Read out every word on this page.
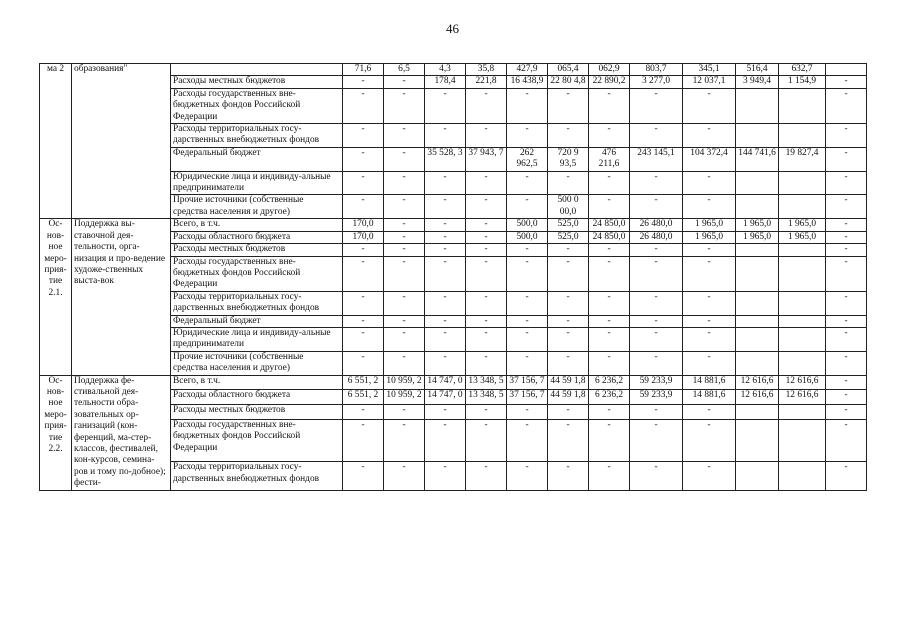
46
ма 2	образования"		71,6	6,5	4,3	35,8	427,9	065,4	062,9	803,7	345,1	516,4	632,7	
		Расходы местных бюджетов	-	-	178,4	221,8	16 438,9	22 80 4,8	22 890,2	3 277,0	12 037,1	3 949,4	1 154,9	-
		Расходы государственных вне-бюджетных фондов Российской Федерации	-	-	-	-	-	-	-	-	-			-
		Расходы территориальных госу-дарственных внебюджетных фондов	-	-	-	-	-	-	-	-	-			-
		Федеральный бюджет	-	-	35 528, 3	37 943, 7	262 962,5	720 9 93,5	476 211,6	243 145,1	104 372,4	144 741,6	19 827,4	-
		Юридические лица и индивиду-альные предприниматели	-	-	-	-	-	-	-	-	-			-
		Прочие источники (собственные средства населения и другое)	-	-	-	-	-	500 0 00,0	-	-	-			-
Ос-нов-ное меро-прия-тие 2.1.	Поддержка вы-ставочной дея-тельности, орга-низация и про-ведение художе-ственных выста-вок	Всего, в т.ч.	170,0	-	-	-	500,0	525,0	24 850,0	26 480,0	1 965,0	1 965,0	1 965,0	-
		Расходы областного бюджета	170,0	-	-	-	500,0	525,0	24 850,0	26 480,0	1 965,0	1 965,0	1 965,0	-
		Расходы местных бюджетов	-	-	-	-	-	-	-	-	-			-
		Расходы государственных вне-бюджетных фондов Российской Федерации	-	-	-	-	-	-	-	-	-			-
		Расходы территориальных госу-дарственных внебюджетных фондов	-	-	-	-	-	-	-	-	-			-
		Федеральный бюджет	-	-	-	-	-	-	-	-	-			-
		Юридические лица и индивиду-альные предприниматели	-	-	-	-	-	-	-	-	-			-
		Прочие источники (собственные средства населения и другое)	-	-	-	-	-	-	-	-	-			-
Ос-нов-ное меро-прия-тие 2.2.	Поддержка фе-стивальной дея-тельности обра-зовательных ор-ганизаций (кон-ференций, ма-стер-классов, фестивалей, кон-курсов, семина-ров и тому по-добное); фести-	Всего, в т.ч.	6 551, 2	10 959, 2	14 747, 0	13 348, 5	37 156, 7	44 59 1,8	6 236,2	59 233,9	14 881,6	12 616,6	12 616,6	-
		Расходы областного бюджета	6 551, 2	10 959, 2	14 747, 0	13 348, 5	37 156, 7	44 59 1,8	6 236,2	59 233,9	14 881,6	12 616,6	12 616,6	-
		Расходы местных бюджетов	-	-	-	-	-	-	-	-	-			-
		Расходы государственных вне-бюджетных фондов Российской Федерации	-	-	-	-	-	-	-	-	-			-
		Расходы территориальных госу-дарственных внебюджетных фондов	-	-	-	-	-	-	-	-	-			-
